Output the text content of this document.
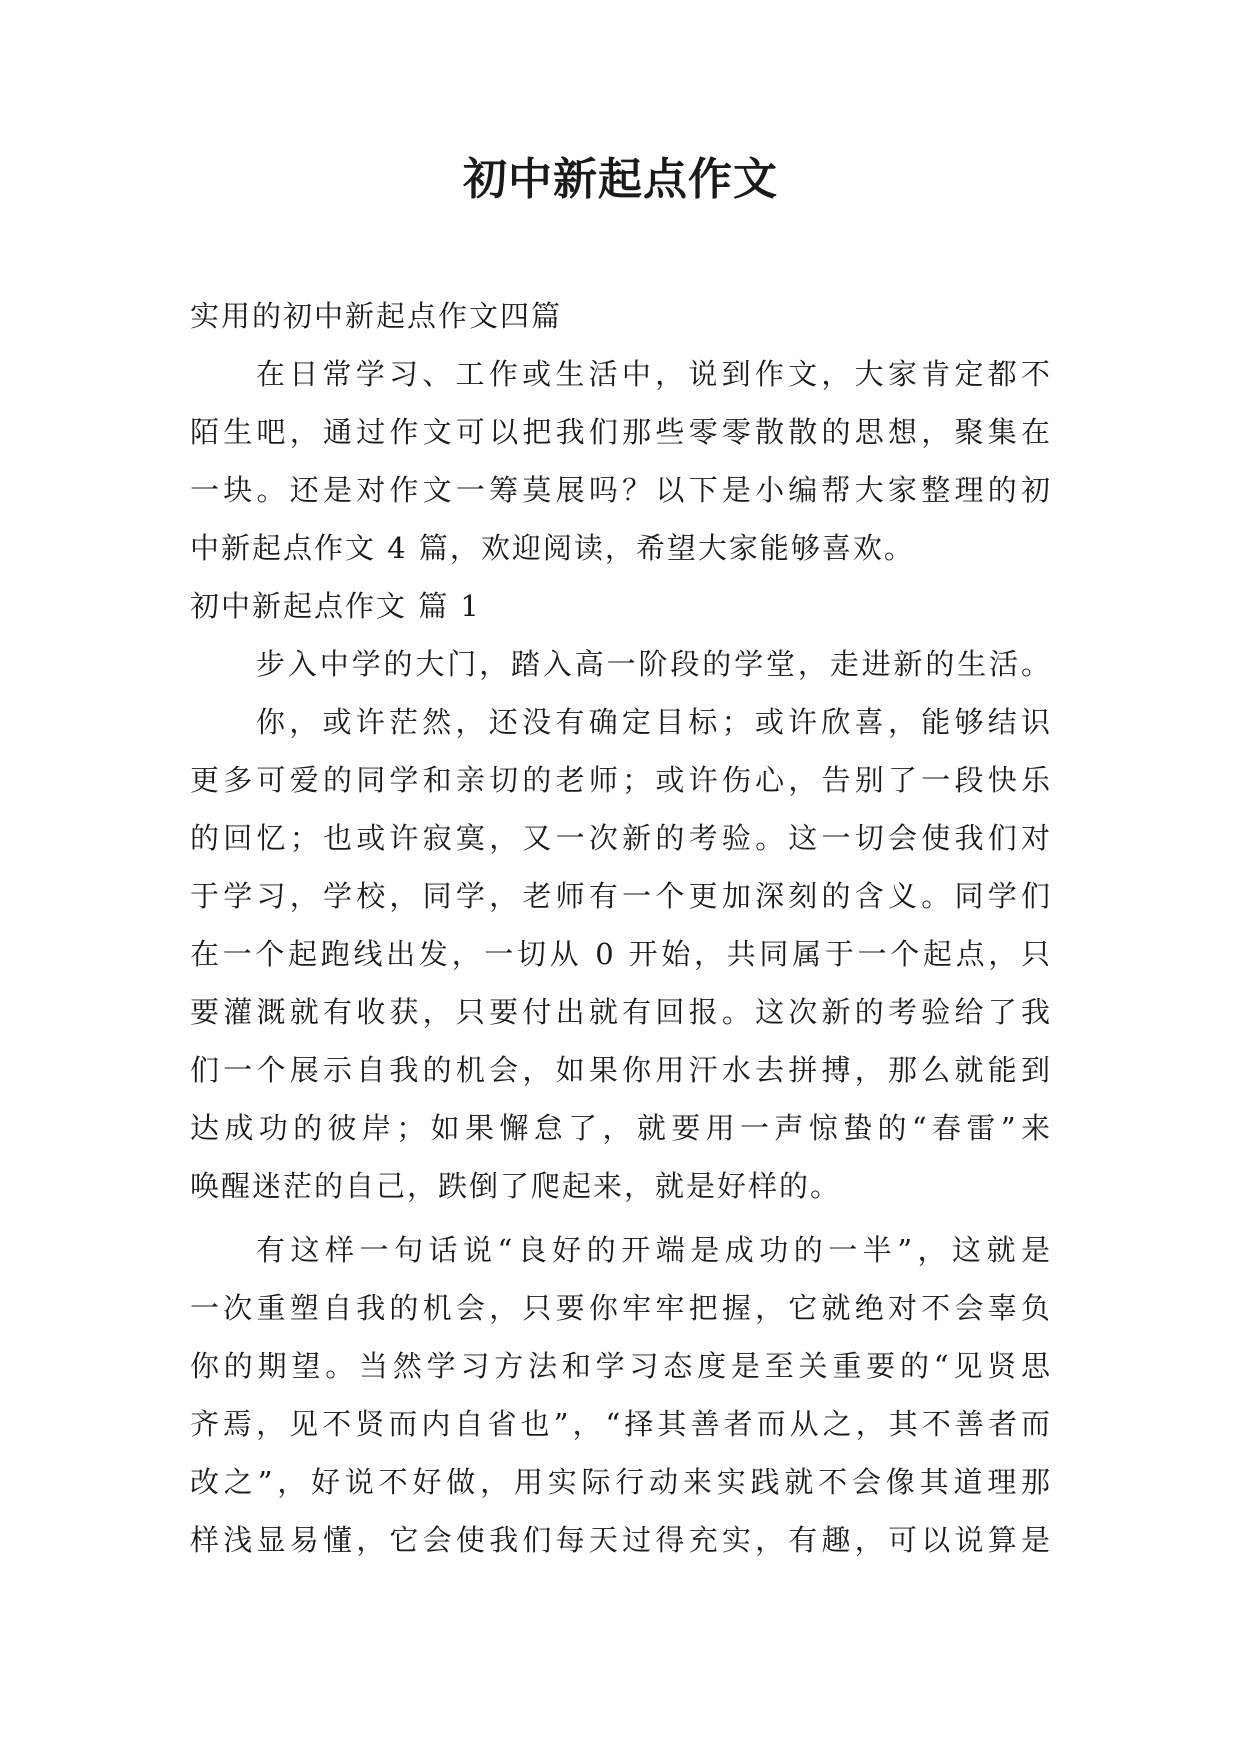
初中新起点作文
实用的初中新起点作文四篇
在日常学习、工作或生活中，说到作文，大家肯定都不
陌生吧，通过作文可以把我们那些零零散散的思想，聚集在
一块。还是对作文一筹莫展吗？以下是小编帮大家整理的初
中新起点作文 4 篇，欢迎阅读，希望大家能够喜欢。
初中新起点作文 篇 1
步入中学的大门，踏入高一阶段的学堂，走进新的生活。
你，或许茫然，还没有确定目标；或许欣喜，能够结识
更多可爱的同学和亲切的老师；或许伤心，告别了一段快乐
的回忆；也或许寂寞，又一次新的考验。这一切会使我们对
于学习，学校，同学，老师有一个更加深刻的含义。同学们
在一个起跑线出发，一切从 0 开始，共同属于一个起点，只
要灌溉就有收获，只要付出就有回报。这次新的考验给了我
们一个展示自我的机会，如果你用汗水去拼搏，那么就能到
达成功的彼岸；如果懈怠了，就要用一声惊蛰的“春雷”来
唤醒迷茫的自己，跌倒了爬起来，就是好样的。
有这样一句话说“良好的开端是成功的一半”，这就是
一次重塑自我的机会，只要你牢牢把握，它就绝对不会辜负
你的期望。当然学习方法和学习态度是至关重要的“见贤思
齐焉，见不贤而内自省也”，“择其善者而从之，其不善者而
改之”，好说不好做，用实际行动来实践就不会像其道理那
样浅显易懂，它会使我们每天过得充实，有趣，可以说算是
